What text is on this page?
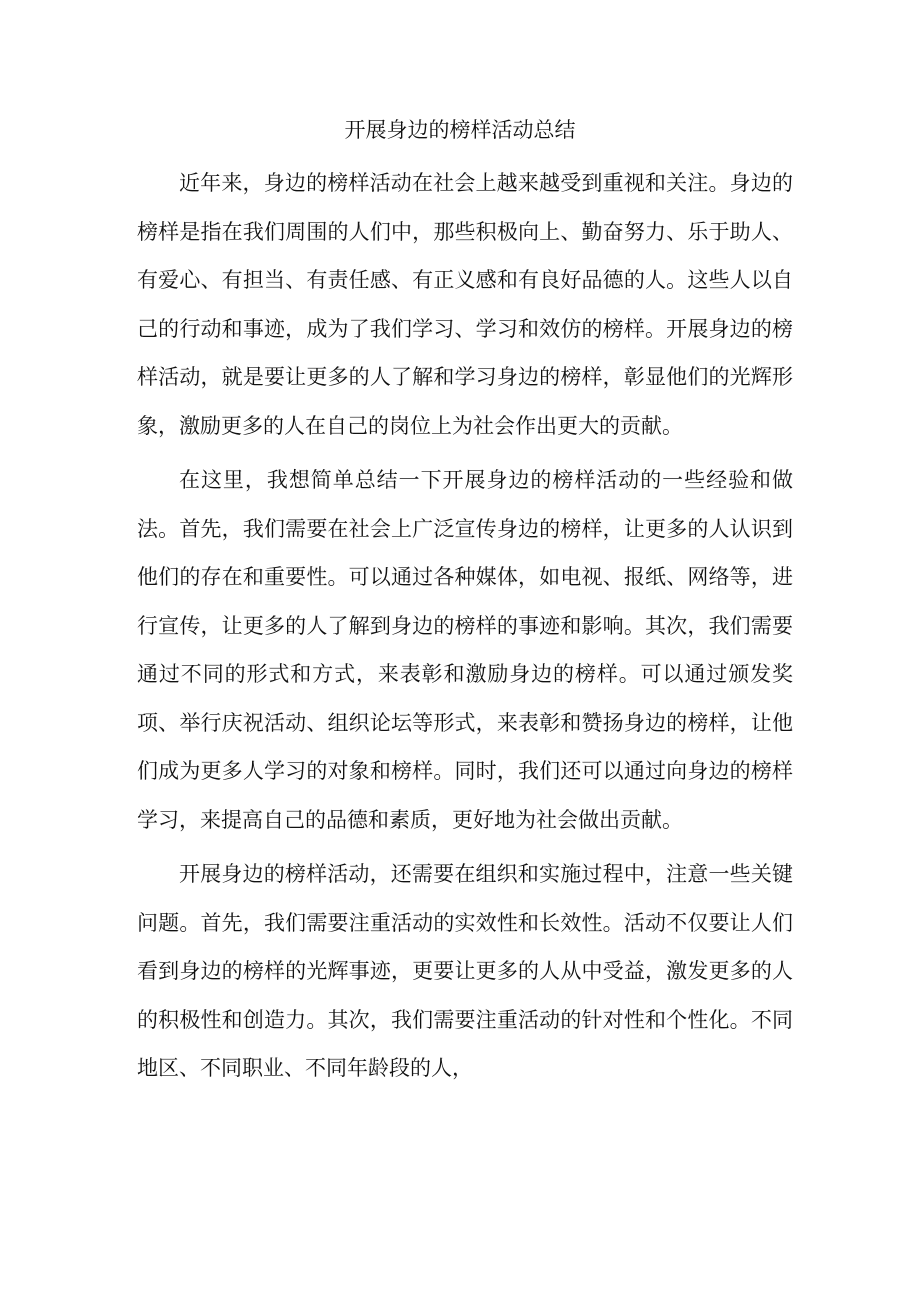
开展身边的榜样活动总结

近年来，身边的榜样活动在社会上越来越受到重视和关注。身边的榜样是指在我们周围的人们中，那些积极向上、勤奋努力、乐于助人、有爱心、有担当、有责任感、有正义感和有良好品德的人。这些人以自己的行动和事迹，成为了我们学习、学习和效仿的榜样。开展身边的榜样活动，就是要让更多的人了解和学习身边的榜样，彰显他们的光辉形象，激励更多的人在自己的岗位上为社会作出更大的贡献。

在这里，我想简单总结一下开展身边的榜样活动的一些经验和做法。首先，我们需要在社会上广泛宣传身边的榜样，让更多的人认识到他们的存在和重要性。可以通过各种媒体，如电视、报纸、网络等，进行宣传，让更多的人了解到身边的榜样的事迹和影响。其次，我们需要通过不同的形式和方式，来表彰和激励身边的榜样。可以通过颁发奖项、举行庆祝活动、组织论坛等形式，来表彰和赞扬身边的榜样，让他们成为更多人学习的对象和榜样。同时，我们还可以通过向身边的榜样学习，来提高自己的品德和素质，更好地为社会做出贡献。

开展身边的榜样活动，还需要在组织和实施过程中，注意一些关键问题。首先，我们需要注重活动的实效性和长效性。活动不仅要让人们看到身边的榜样的光辉事迹，更要让更多的人从中受益，激发更多的人的积极性和创造力。其次，我们需要注重活动的针对性和个性化。不同地区、不同职业、不同年龄段的人，
